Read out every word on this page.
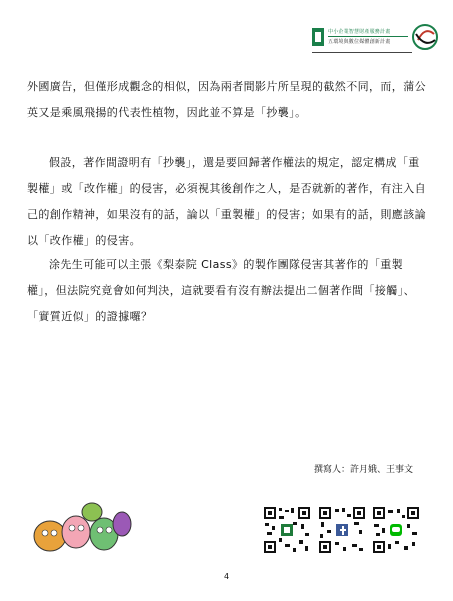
中小企業智慧財產服務計畫
五環境與數位媒體創新計畫

外國廣告，但僅形成觀念的相似，因為兩者間影片所呈現的截然不同，而，蒲公英又是乘風飛揚的代表性植物，因此並不算是「抄襲」。

假設，著作間證明有「抄襲」，還是要回歸著作權法的規定，認定構成「重製權」或「改作權」的侵害，必須視其後創作之人，是否就新的著作，有注入自己的創作精神，如果沒有的話，論以「重製權」的侵害；如果有的話，則應該論以「改作權」的侵害。

涂先生可能可以主張《梨泰院 Class》的製作團隊侵害其著作的「重製權」，但法院究竟會如何判決，這就要看有沒有辦法提出二個著作間「接觸」、「實質近似」的證據囉？

撰寫人：許月娥、王事文
4
